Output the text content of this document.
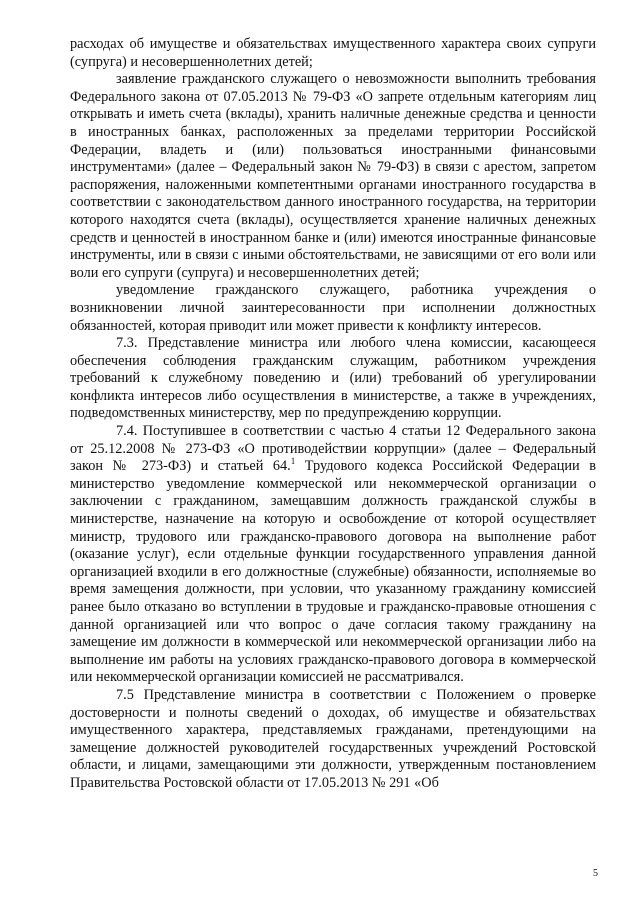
расходах об имуществе и обязательствах имущественного характера своих супруги (супруга) и несовершеннолетних детей;

заявление гражданского служащего о невозможности выполнить требования Федерального закона от 07.05.2013 № 79-ФЗ «О запрете отдельным категориям лиц открывать и иметь счета (вклады), хранить наличные денежные средства и ценности в иностранных банках, расположенных за пределами территории Российской Федерации, владеть и (или) пользоваться иностранными финансовыми инструментами» (далее – Федеральный закон № 79-ФЗ) в связи с арестом, запретом распоряжения, наложенными компетентными органами иностранного государства в соответствии с законодательством данного иностранного государства, на территории которого находятся счета (вклады), осуществляется хранение наличных денежных средств и ценностей в иностранном банке и (или) имеются иностранные финансовые инструменты, или в связи с иными обстоятельствами, не зависящими от его воли или воли его супруги (супруга) и несовершеннолетних детей;

уведомление гражданского служащего, работника учреждения о возникновении личной заинтересованности при исполнении должностных обязанностей, которая приводит или может привести к конфликту интересов.

7.3. Представление министра или любого члена комиссии, касающееся обеспечения соблюдения гражданским служащим, работником учреждения требований к служебному поведению и (или) требований об урегулировании конфликта интересов либо осуществления в министерстве, а также в учреждениях, подведомственных министерству, мер по предупреждению коррупции.

7.4. Поступившее в соответствии с частью 4 статьи 12 Федерального закона от 25.12.2008 № 273-ФЗ «О противодействии коррупции» (далее – Федеральный закон № 273-ФЗ) и статьей 64.$^1$ Трудового кодекса Российской Федерации в министерство уведомление коммерческой или некоммерческой организации о заключении с гражданином, замещавшим должность гражданской службы в министерстве, назначение на которую и освобождение от которой осуществляет министр, трудового или гражданско-правового договора на выполнение работ (оказание услуг), если отдельные функции государственного управления данной организацией входили в его должностные (служебные) обязанности, исполняемые во время замещения должности, при условии, что указанному гражданину комиссией ранее было отказано во вступлении в трудовые и гражданско-правовые отношения с данной организацией или что вопрос о даче согласия такому гражданину на замещение им должности в коммерческой или некоммерческой организации либо на выполнение им работы на условиях гражданско-правового договора в коммерческой или некоммерческой организации комиссией не рассматривался.

7.5 Представление министра в соответствии с Положением о проверке достоверности и полноты сведений о доходах, об имуществе и обязательствах имущественного характера, представляемых гражданами, претендующими на замещение должностей руководителей государственных учреждений Ростовской области, и лицами, замещающими эти должности, утвержденным постановлением Правительства Ростовской области от 17.05.2013 № 291 «Об

5
